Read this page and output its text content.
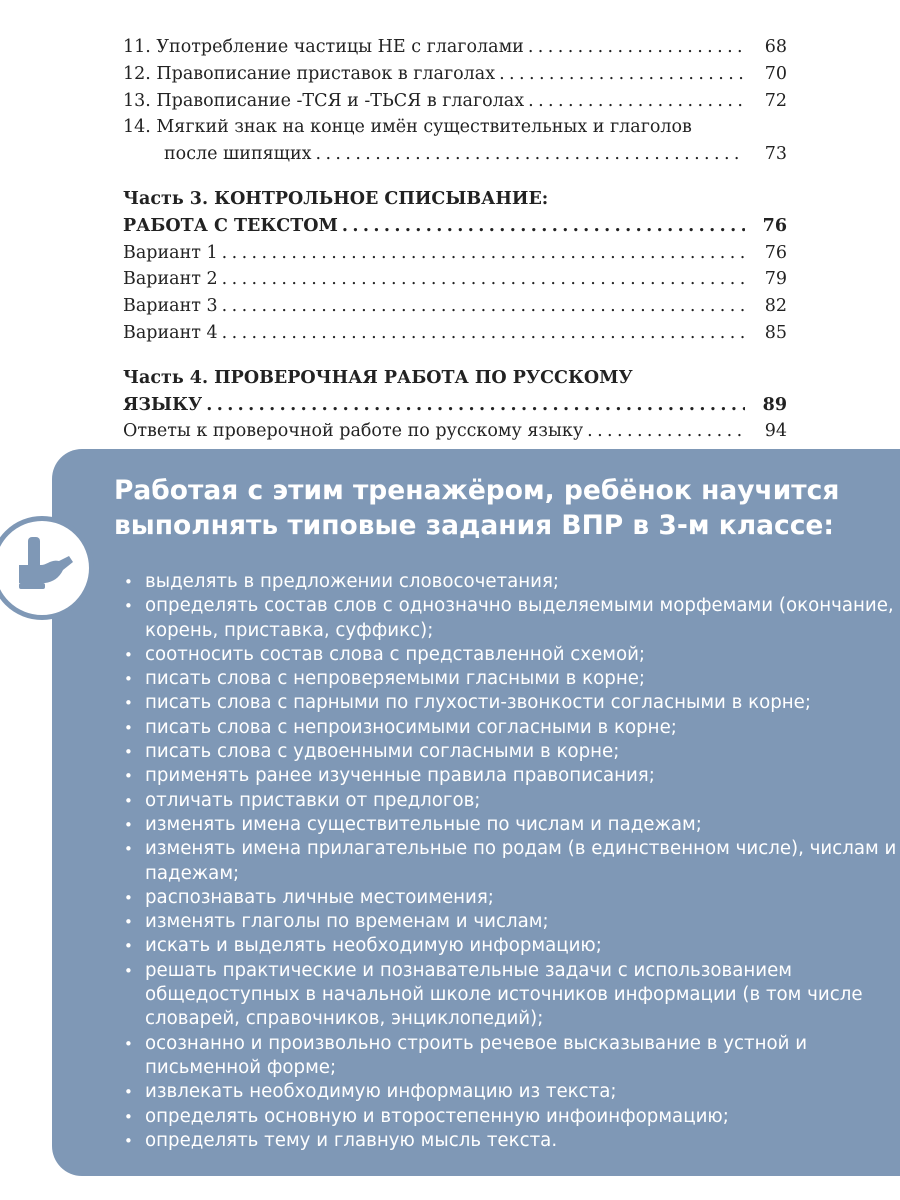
11. Употребление частицы НЕ с глаголами .....	68
12. Правописание приставок в глаголах .....	70
13. Правописание -ТСЯ и -ТЬСЯ в глаголах .....	72
14. Мягкий знак на конце имён существительных и глаголов
после шипящих .....	73
Часть 3. КОНТРОЛЬНОЕ СПИСЫВАНИЕ:
РАБОТА С ТЕКСТОМ .....	76
Вариант 1 .....	76
Вариант 2 .....	79
Вариант 3 .....	82
Вариант 4 .....	85
Часть 4. ПРОВЕРОЧНАЯ РАБОТА ПО РУССКОМУ
ЯЗЫКУ .....	89
Ответы к проверочной работе по русскому языку .....	94
Работая с этим тренажёром, ребёнок научится
выполнять типовые задания ВПР в 3-м классе:
• выделять в предложении словосочетания;
• определять состав слов с однозначно выделяемыми морфемами (окончание, корень, приставка, суффикс);
• соотносить состав слова с представленной схемой;
• писать слова с непроверяемыми гласными в корне;
• писать слова с парными по глухости-звонкости согласными в корне;
• писать слова с непроизносимыми согласными в корне;
• писать слова с удвоенными согласными в корне;
• применять ранее изученные правила правописания;
• отличать приставки от предлогов;
• изменять имена существительные по числам и падежам;
• изменять имена прилагательные по родам (в единственном числе), числам и падежам;
• распознавать личные местоимения;
• изменять глаголы по временам и числам;
• искать и выделять необходимую информацию;
• решать практические и познавательные задачи с использованием общедоступных в начальной школе источников информации (в том числе словарей, справочников, энциклопедий);
• осознанно и произвольно строить речевое высказывание в устной и письменной форме;
• извлекать необходимую информацию из текста;
• определять основную и второстепенную инфоинформацию;
• определять тему и главную мысль текста.
